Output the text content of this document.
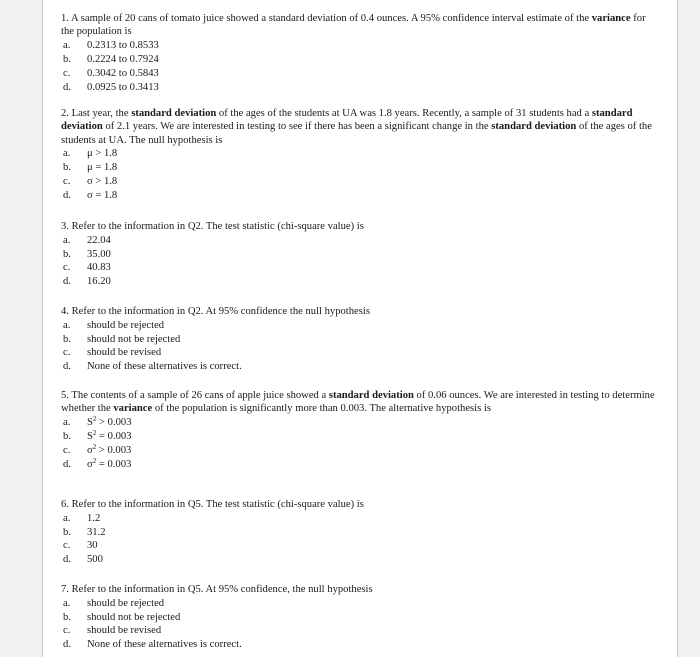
1. A sample of 20 cans of tomato juice showed a standard deviation of 0.4 ounces. A 95% confidence interval estimate of the variance for the population is

a.	0.2313 to 0.8533
b.	0.2224 to 0.7924
c.	0.3042 to 0.5843
d.	0.0925 to 0.3413

2. Last year, the standard deviation of the ages of the students at UA was 1.8 years. Recently, a sample of 31 students had a standard deviation of 2.1 years. We are interested in testing to see if there has been a significant change in the standard deviation of the ages of the students at UA. The null hypothesis is

a.	μ > 1.8
b.	μ = 1.8
c.	σ > 1.8
d.	σ = 1.8

3. Refer to the information in Q2. The test statistic (chi-square value) is

a.	22.04
b.	35.00
c.	40.83
d.	16.20

4. Refer to the information in Q2. At 95% confidence the null hypothesis

a.	should be rejected
b.	should not be rejected
c.	should be revised
d.	None of these alternatives is correct.

5. The contents of a sample of 26 cans of apple juice showed a standard deviation of 0.06 ounces. We are interested in testing to determine whether the variance of the population is significantly more than 0.003. The alternative hypothesis is

a.	$S^2 > 0.003$
b.	$S^2 = 0.003$
c.	$\sigma^2 > 0.003$
d.	$\sigma^2 = 0.003$

6. Refer to the information in Q5. The test statistic (chi-square value) is

a.	1.2
b.	31.2
c.	30
d.	500

7. Refer to the information in Q5. At 95% confidence, the null hypothesis

a.	should be rejected
b.	should not be rejected
c.	should be revised
d.	None of these alternatives is correct.
